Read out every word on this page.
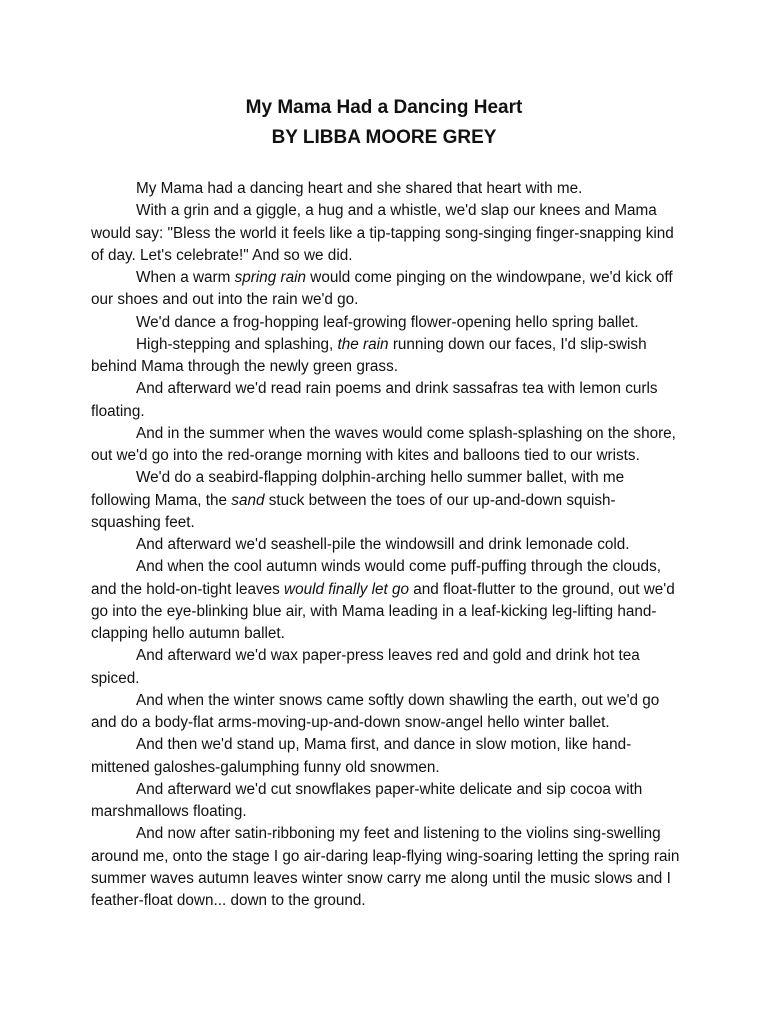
My Mama Had a Dancing Heart
BY LIBBA MOORE GREY

My Mama had a dancing heart and she shared that heart with me.

With a grin and a giggle, a hug and a whistle, we'd slap our knees and Mama would say: "Bless the world it feels like a tip-tapping song-singing finger-snapping kind of day. Let's celebrate!" And so we did.

When a warm spring rain would come pinging on the windowpane, we'd kick off our shoes and out into the rain we'd go.

We'd dance a frog-hopping leaf-growing flower-opening hello spring ballet.

High-stepping and splashing, the rain running down our faces, I'd slip-swish behind Mama through the newly green grass.

And afterward we'd read rain poems and drink sassafras tea with lemon curls floating.

And in the summer when the waves would come splash-splashing on the shore, out we'd go into the red-orange morning with kites and balloons tied to our wrists.

We'd do a seabird-flapping dolphin-arching hello summer ballet, with me following Mama, the sand stuck between the toes of our up-and-down squish-squashing feet.

And afterward we'd seashell-pile the windowsill and drink lemonade cold.

And when the cool autumn winds would come puff-puffing through the clouds, and the hold-on-tight leaves would finally let go and float-flutter to the ground, out we'd go into the eye-blinking blue air, with Mama leading in a leaf-kicking leg-lifting hand-clapping hello autumn ballet.

And afterward we'd wax paper-press leaves red and gold and drink hot tea spiced.

And when the winter snows came softly down shawling the earth, out we'd go and do a body-flat arms-moving-up-and-down snow-angel hello winter ballet.

And then we'd stand up, Mama first, and dance in slow motion, like hand-mittened galoshes-galumphing funny old snowmen.

And afterward we'd cut snowflakes paper-white delicate and sip cocoa with marshmallows floating.

And now after satin-ribboning my feet and listening to the violins sing-swelling around me, onto the stage I go air-daring leap-flying wing-soaring letting the spring rain summer waves autumn leaves winter snow carry me along until the music slows and I feather-float down... down to the ground.
